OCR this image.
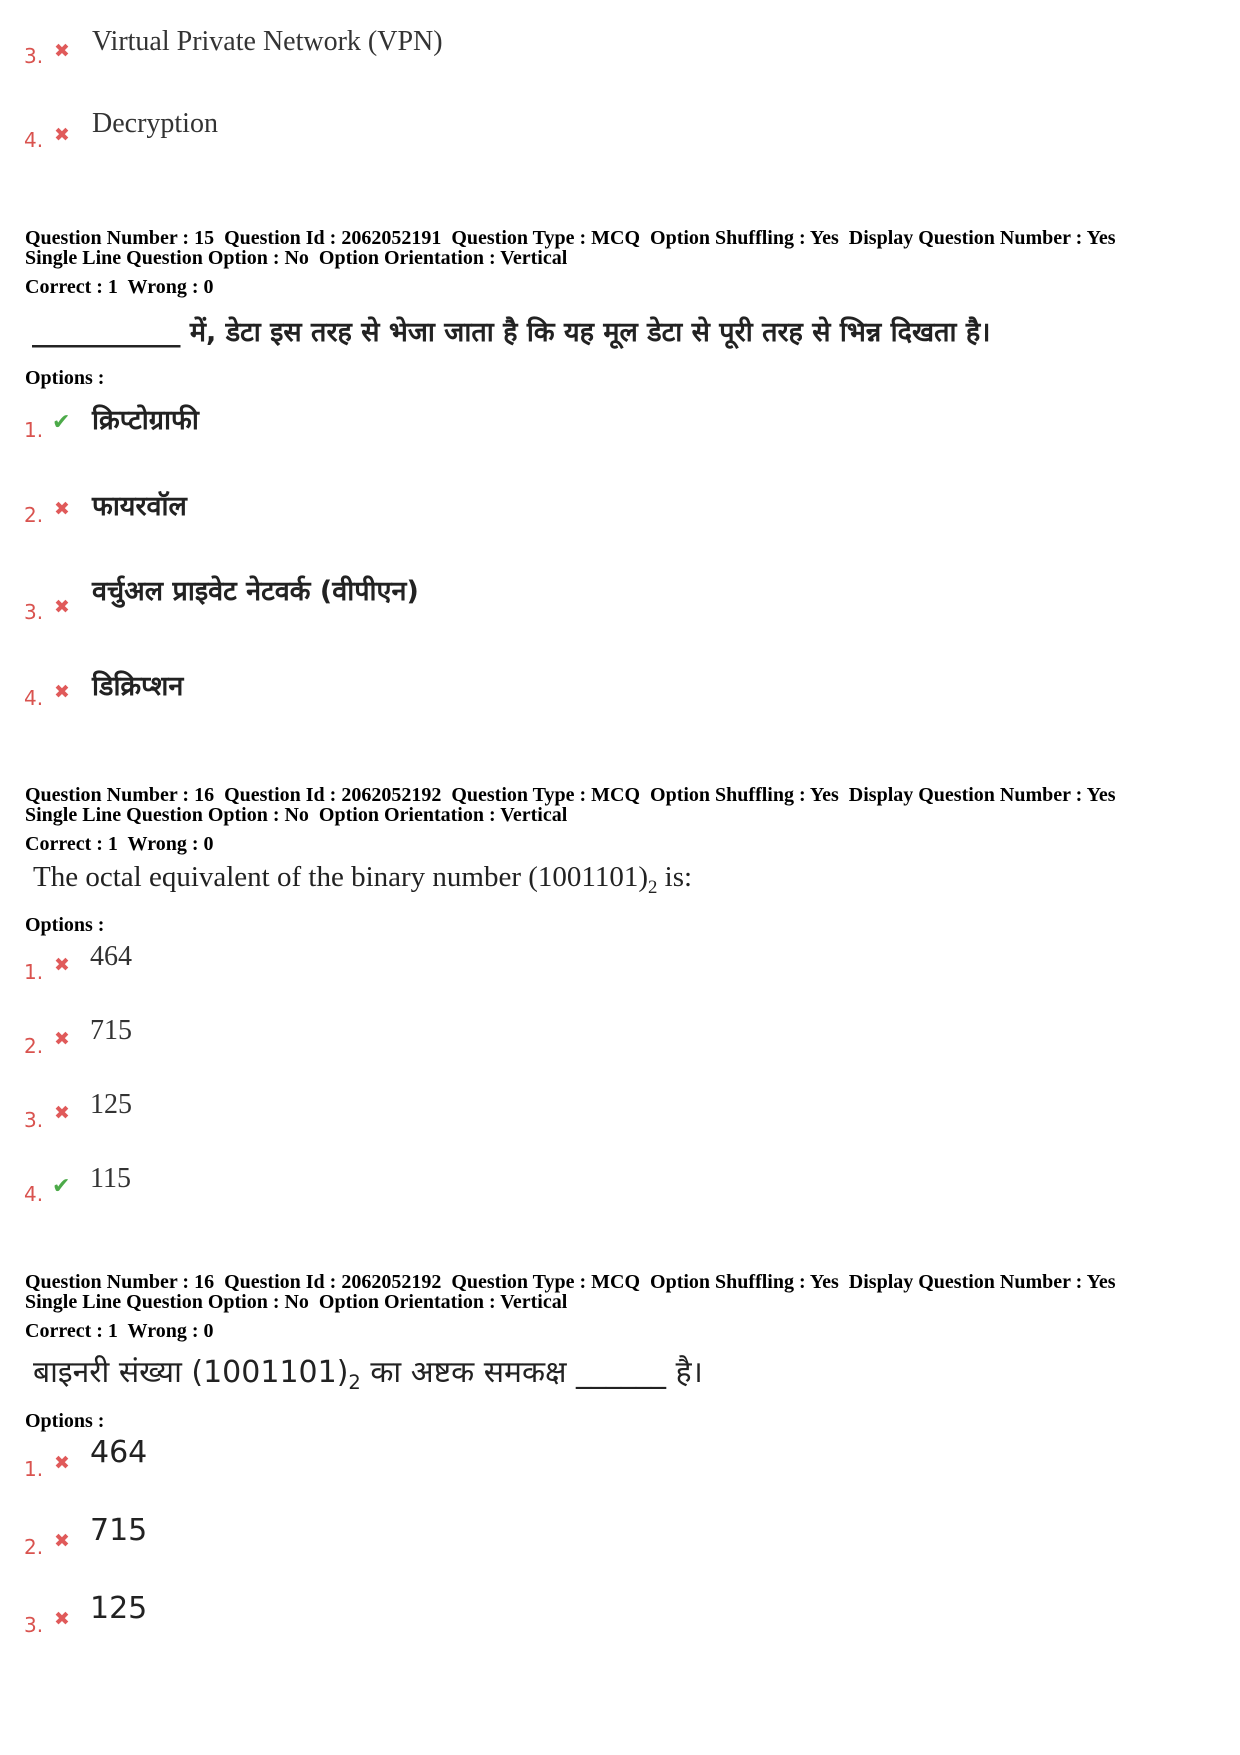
3. ✖ Virtual Private Network (VPN)
4. ✖ Decryption
Question Number : 15  Question Id : 2062052191  Question Type : MCQ  Option Shuffling : Yes  Display Question Number : Yes
Single Line Question Option : No  Option Orientation : Vertical
Correct : 1  Wrong : 0
___________ में, डेटा इस तरह से भेजा जाता है कि यह मूल डेटा से पूरी तरह से भिन्न दिखता है।
Options :
1. ✔ क्रिप्टोग्राफी
2. ✖ फायरवॉल
3. ✖ वर्चुअल प्राइवेट नेटवर्क (वीपीएन)
4. ✖ डिक्रिप्शन
Question Number : 16  Question Id : 2062052192  Question Type : MCQ  Option Shuffling : Yes  Display Question Number : Yes
Single Line Question Option : No  Option Orientation : Vertical
Correct : 1  Wrong : 0
The octal equivalent of the binary number $(1001101)_2$ is:
Options :
1. ✖ 464
2. ✖ 715
3. ✖ 125
4. ✔ 115
Question Number : 16  Question Id : 2062052192  Question Type : MCQ  Option Shuffling : Yes  Display Question Number : Yes
Single Line Question Option : No  Option Orientation : Vertical
Correct : 1  Wrong : 0
बाइनरी संख्या $(1001101)_2$ का अष्टक समकक्ष ______ है।
Options :
1. ✖ 464
2. ✖ 715
3. ✖ 125
